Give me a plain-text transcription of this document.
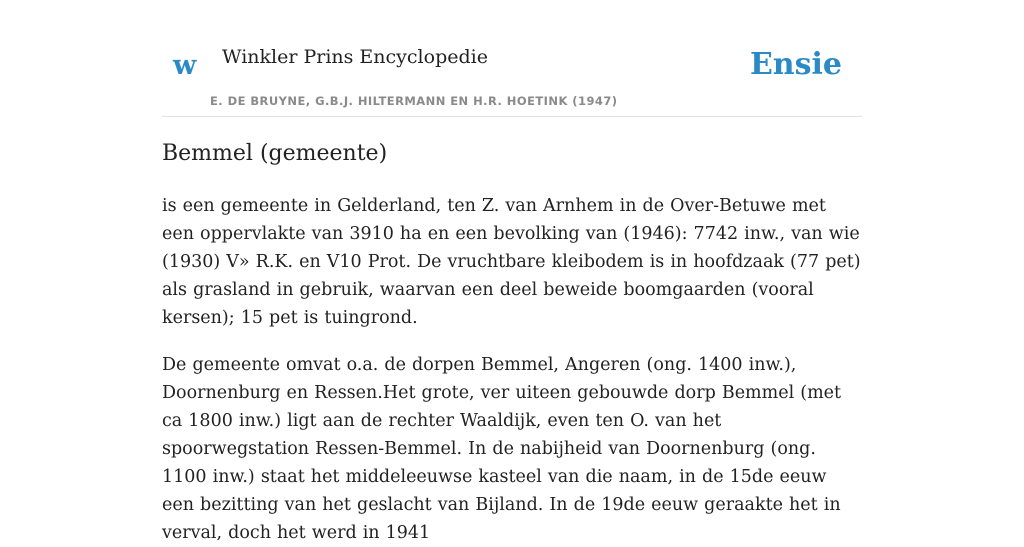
w Winkler Prins Encyclopedie
E. DE BRUYNE, G.B.J. HILTERMANN EN H.R. HOETINK (1947)
Ensie
Bemmel (gemeente)

is een gemeente in Gelderland, ten Z. van Arnhem in de Over-Betuwe met een oppervlakte van 3910 ha en een bevolking van (1946): 7742 inw., van wie (1930) V» R.K. en V10 Prot. De vruchtbare kleibodem is in hoofdzaak (77 pet) als grasland in gebruik, waarvan een deel beweide boomgaarden (vooral kersen); 15 pet is tuingrond.

De gemeente omvat o.a. de dorpen Bemmel, Angeren (ong. 1400 inw.), Doornenburg en Ressen.Het grote, ver uiteen gebouwde dorp Bemmel (met ca 1800 inw.) ligt aan de rechter Waaldijk, even ten O. van het spoorwegstation Ressen-Bemmel. In de nabijheid van Doornenburg (ong. 1100 inw.) staat het middeleeuwse kasteel van die naam, in de 15de eeuw een bezitting van het geslacht van Bijland. In de 19de eeuw geraakte het in verval, doch het werd in 1941
